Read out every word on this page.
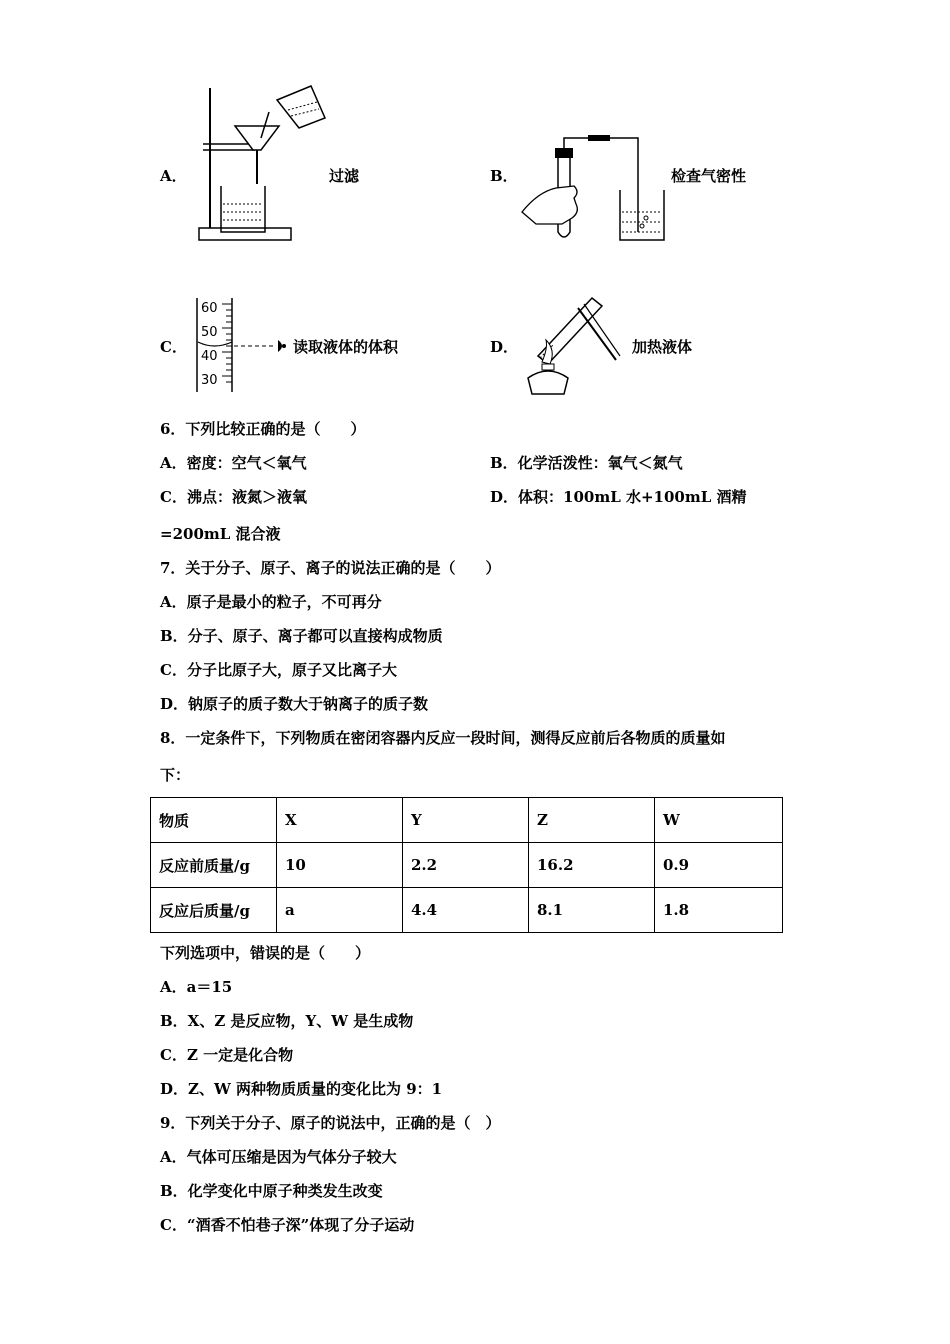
A．	过滤	B．	检查气密性
C．
60
50
40
30
读取液体的体积	D．	加热液体
6．下列比较正确的是（　　）
A．密度：空气＜氧气	B．化学活泼性：氧气＜氮气
C．沸点：液氮＞液氧	D．体积：100mL 水+100mL 酒精
=200mL 混合液
7．关于分子、原子、离子的说法正确的是（　　）
A．原子是最小的粒子，不可再分
B．分子、原子、离子都可以直接构成物质
C．分子比原子大，原子又比离子大
D．钠原子的质子数大于钠离子的质子数
8．一定条件下，下列物质在密闭容器内反应一段时间，测得反应前后各物质的质量如
下：
物质	X	Y	Z	W
反应前质量/g	10	2.2	16.2	0.9
反应后质量/g	a	4.4	8.1	1.8
下列选项中，错误的是（　　）
A．a＝15
B．X、Z 是反应物，Y、W 是生成物
C．Z 一定是化合物
D．Z、W 两种物质质量的变化比为 9：1
9．下列关于分子、原子的说法中，正确的是（　）
A．气体可压缩是因为气体分子较大
B．化学变化中原子种类发生改变
C．“酒香不怕巷子深”体现了分子运动
